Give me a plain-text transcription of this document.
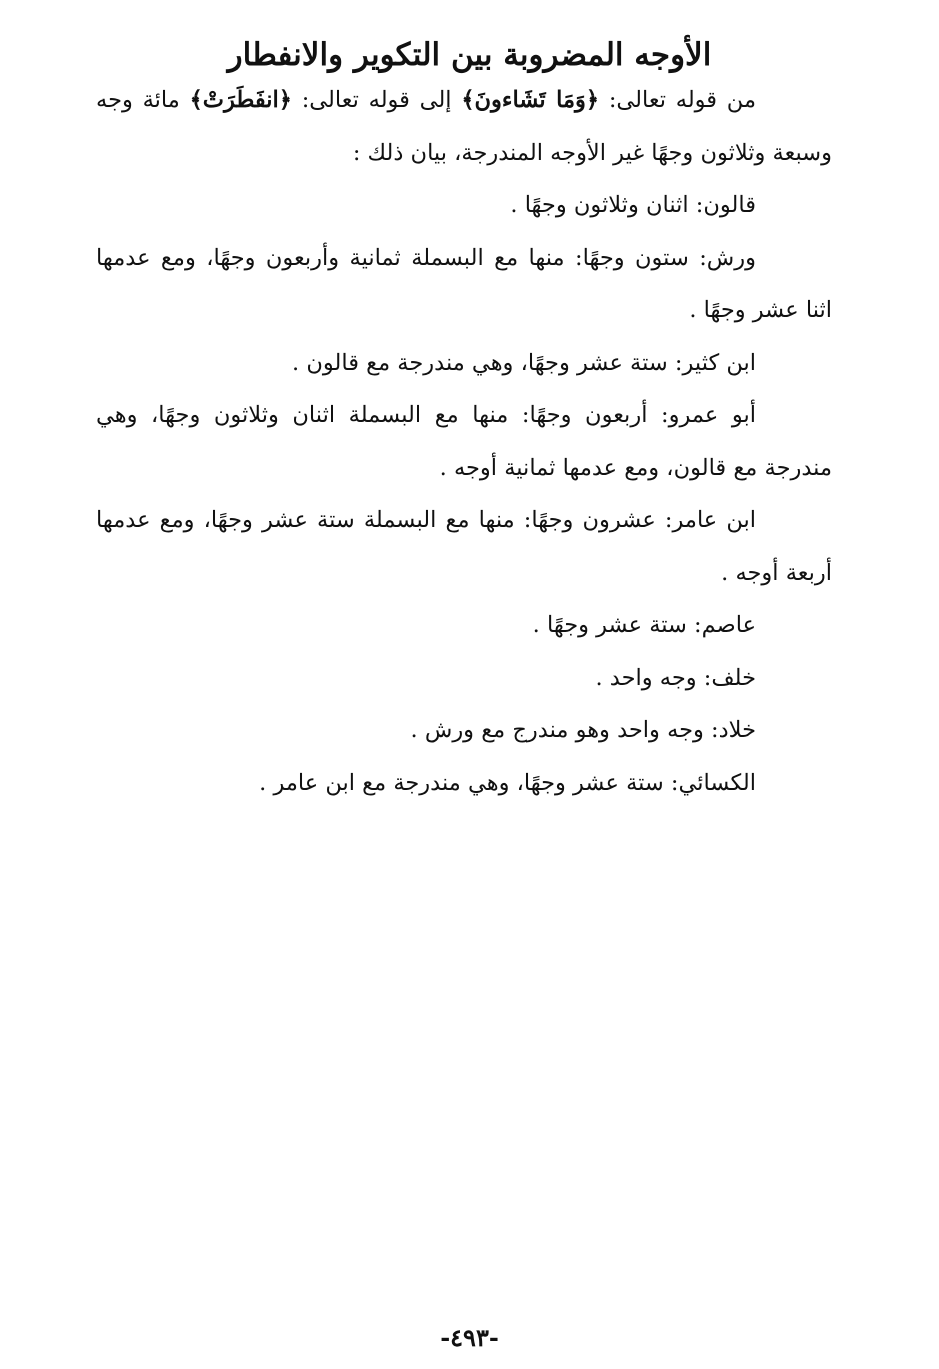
الأوجه المضروبة بين التكوير والانفطار

من قوله تعالى: ﴿وَمَا تَشَاءونَ﴾ إلى قوله تعالى: ﴿انفَطَرَتْ﴾ مائة وجه وسبعة وثلاثون وجهًا غير الأوجه المندرجة، بيان ذلك :

قالون: اثنان وثلاثون وجهًا .

ورش: ستون وجهًا: منها مع البسملة ثمانية وأربعون وجهًا، ومع عدمها اثنا عشر وجهًا .

ابن كثير: ستة عشر وجهًا، وهي مندرجة مع قالون .

أبو عمرو: أربعون وجهًا: منها مع البسملة اثنان وثلاثون وجهًا، وهي مندرجة مع قالون، ومع عدمها ثمانية أوجه .

ابن عامر: عشرون وجهًا: منها مع البسملة ستة عشر وجهًا، ومع عدمها أربعة أوجه .

عاصم: ستة عشر وجهًا .

خلف: وجه واحد .

خلاد: وجه واحد وهو مندرج مع ورش .

الكسائي: ستة عشر وجهًا، وهي مندرجة مع ابن عامر .

-٤٩٣-
